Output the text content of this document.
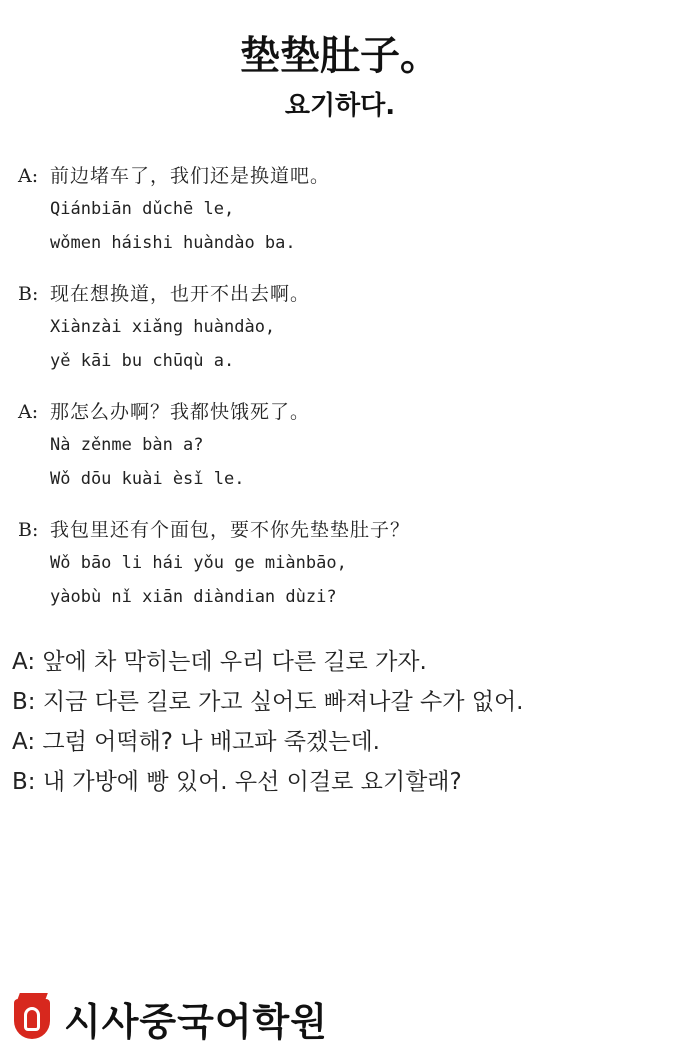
垫垫肚子。
요기하다.
A: 前边堵车了，我们还是换道吧。
Qiánbiān dǔchē le,
wǒmen háishi huàndào ba.
B: 现在想换道，也开不出去啊。
Xiànzài xiǎng huàndào,
yě kāi bu chūqù a.
A: 那怎么办啊？我都快饿死了。
Nà zěnme bàn a?
Wǒ dōu kuài èsǐ le.
B: 我包里还有个面包，要不你先垫垫肚子？
Wǒ bāo li hái yǒu ge miànbāo,
yàobù nǐ xiān diàndian dùzi?
A: 앞에 차 막히는데 우리 다른 길로 가자.
B: 지금 다른 길로 가고 싶어도 빠져나갈 수가 없어.
A: 그럼 어떡해? 나 배고파 죽겠는데.
B: 내 가방에 빵 있어. 우선 이걸로 요기할래?
시사중국어학원
